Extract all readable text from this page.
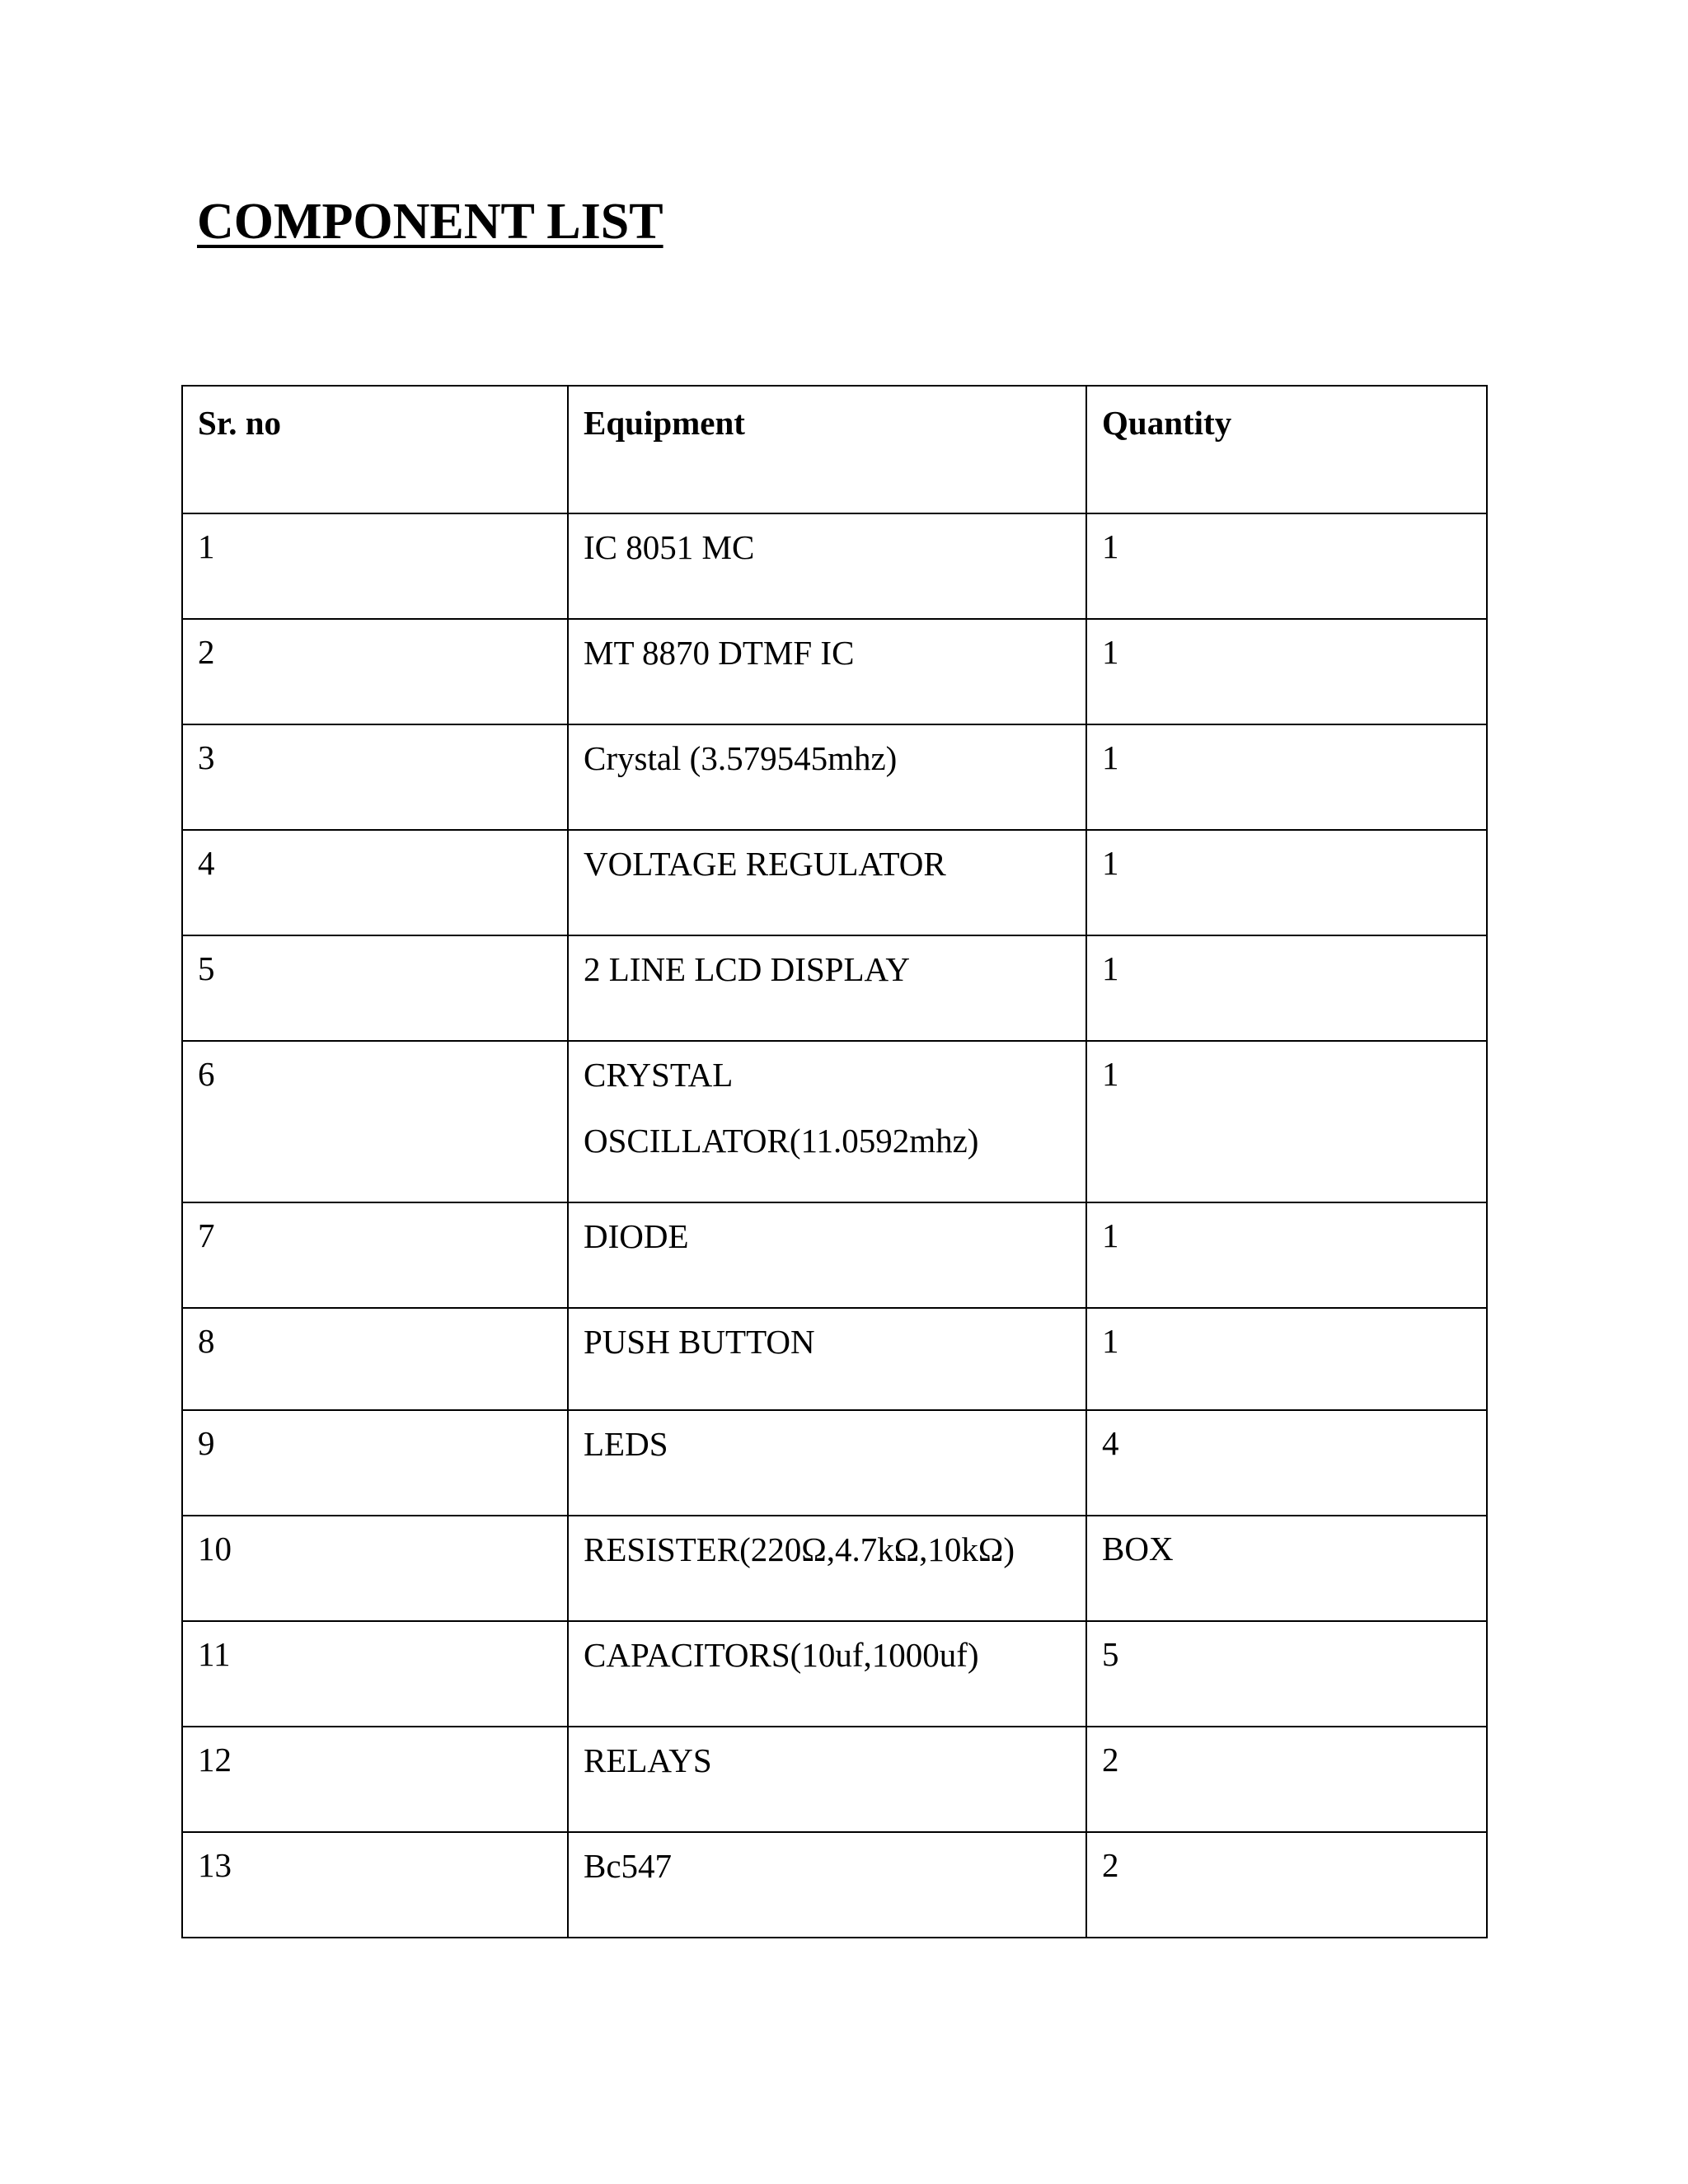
COMPONENT LIST
Sr. no	Equipment	Quantity
1	IC 8051 MC	1
2	MT 8870 DTMF IC	1
3	Crystal (3.579545mhz)	1
4	VOLTAGE REGULATOR	1
5	2 LINE LCD DISPLAY	1
6	CRYSTAL OSCILLATOR(11.0592mhz)	1
7	DIODE	1
8	PUSH BUTTON	1
9	LEDS	4
10	RESISTER(220Ω,4.7kΩ,10kΩ)	BOX
11	CAPACITORS(10uf,1000uf)	5
12	RELAYS	2
13	Bc547	2
